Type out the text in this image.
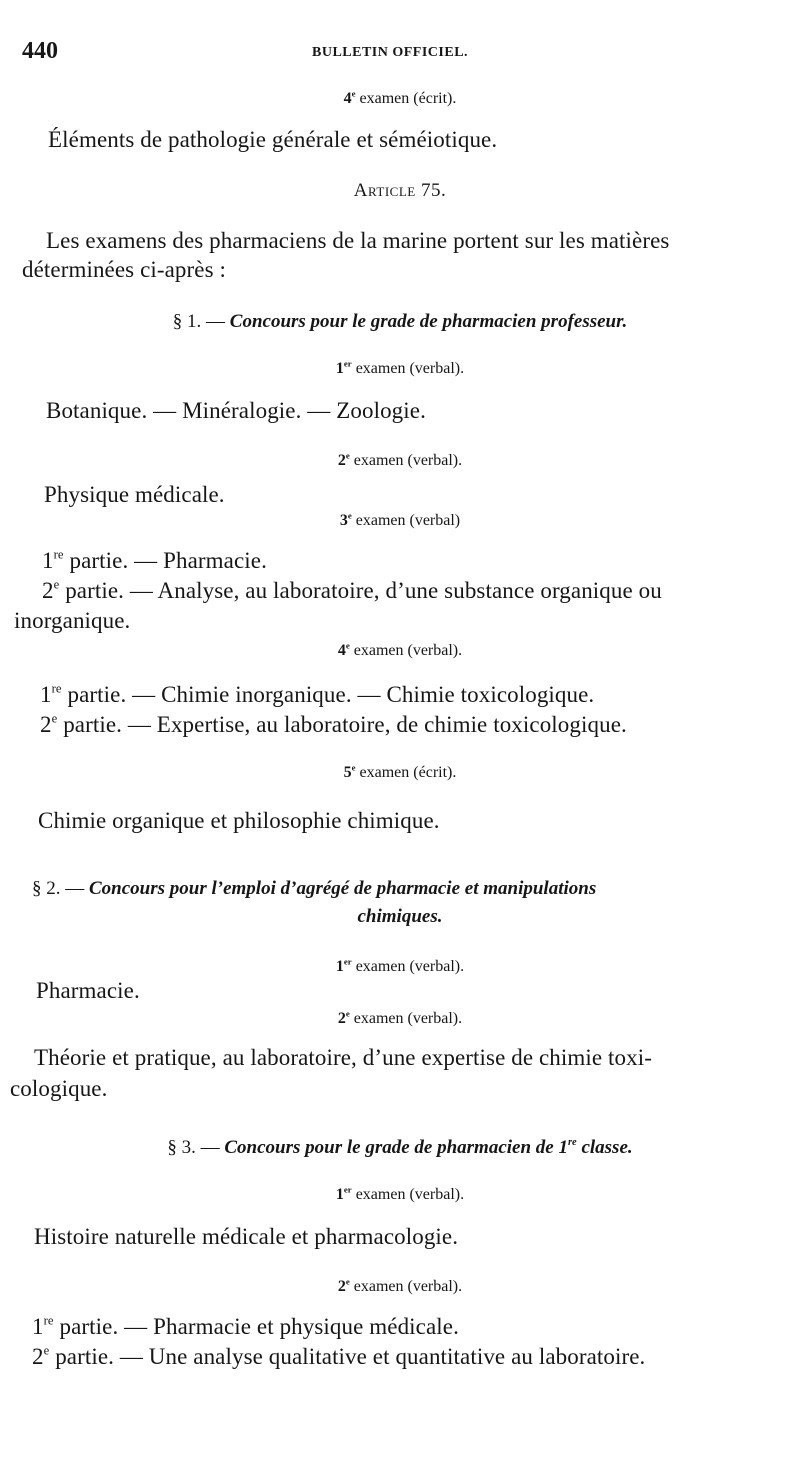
440	BULLETIN OFFICIEL.
4e examen (écrit).
Éléments de pathologie générale et séméiotique.
Article 75.
Les examens des pharmaciens de la marine portent sur les matières
déterminées ci-après :
§ 1. — Concours pour le grade de pharmacien professeur.
1er examen (verbal).
Botanique. — Minéralogie. — Zoologie.
2e examen (verbal).
Physique médicale.
3e examen (verbal)
1re partie. — Pharmacie.
2e partie. — Analyse, au laboratoire, d’une substance organique ou
inorganique.
4e examen (verbal).
1re partie. — Chimie inorganique. — Chimie toxicologique.
2e partie. — Expertise, au laboratoire, de chimie toxicologique.
5e examen (écrit).
Chimie organique et philosophie chimique.
§ 2. — Concours pour l’emploi d’agrégé de pharmacie et manipulations
chimiques.
1er examen (verbal).
Pharmacie.
2e examen (verbal).
Théorie et pratique, au laboratoire, d’une expertise de chimie toxi-
cologique.
§ 3. — Concours pour le grade de pharmacien de 1re classe.
1er examen (verbal).
Histoire naturelle médicale et pharmacologie.
2e examen (verbal).
1re partie. — Pharmacie et physique médicale.
2e partie. — Une analyse qualitative et quantitative au laboratoire.
